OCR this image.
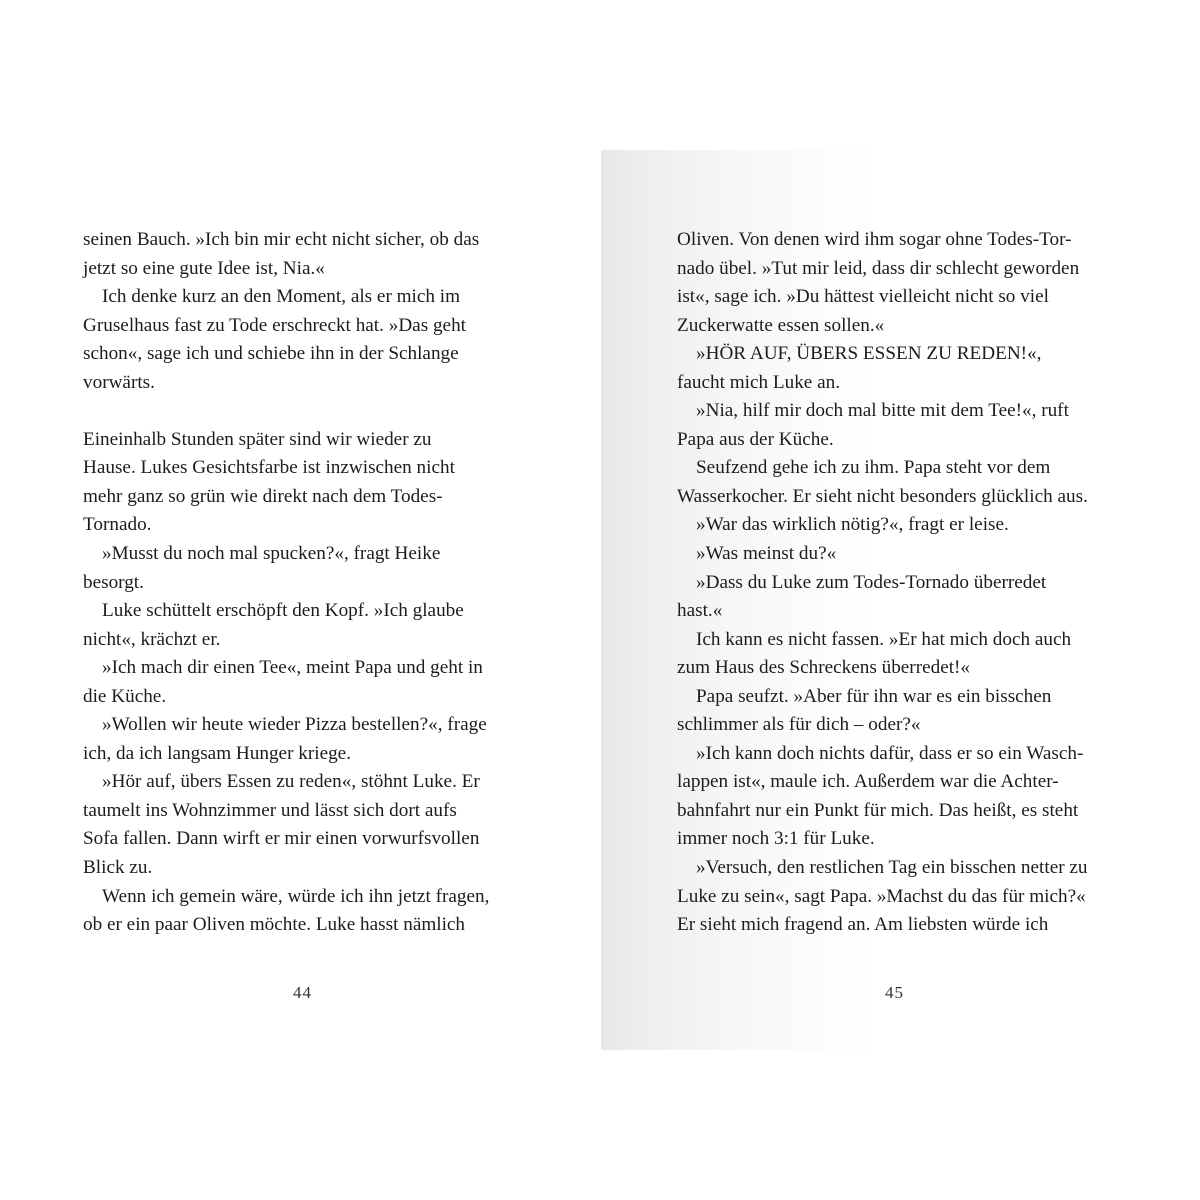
seinen Bauch. »Ich bin mir echt nicht sicher, ob das
jetzt so eine gute Idee ist, Nia.«
Ich denke kurz an den Moment, als er mich im
Gruselhaus fast zu Tode erschreckt hat. »Das geht
schon«, sage ich und schiebe ihn in der Schlange
vorwärts.
Eineinhalb Stunden später sind wir wieder zu
Hause. Lukes Gesichtsfarbe ist inzwischen nicht
mehr ganz so grün wie direkt nach dem Todes-
Tornado.
»Musst du noch mal spucken?«, fragt Heike
besorgt.
Luke schüttelt erschöpft den Kopf. »Ich glaube
nicht«, krächzt er.
»Ich mach dir einen Tee«, meint Papa und geht in
die Küche.
»Wollen wir heute wieder Pizza bestellen?«, frage
ich, da ich langsam Hunger kriege.
»Hör auf, übers Essen zu reden«, stöhnt Luke. Er
taumelt ins Wohnzimmer und lässt sich dort aufs
Sofa fallen. Dann wirft er mir einen vorwurfsvollen
Blick zu.
Wenn ich gemein wäre, würde ich ihn jetzt fragen,
ob er ein paar Oliven möchte. Luke hasst nämlich
Oliven. Von denen wird ihm sogar ohne Todes-Tor-
nado übel. »Tut mir leid, dass dir schlecht geworden
ist«, sage ich. »Du hättest vielleicht nicht so viel
Zuckerwatte essen sollen.«
»HÖR AUF, ÜBERS ESSEN ZU REDEN!«,
faucht mich Luke an.
»Nia, hilf mir doch mal bitte mit dem Tee!«, ruft
Papa aus der Küche.
Seufzend gehe ich zu ihm. Papa steht vor dem
Wasserkocher. Er sieht nicht besonders glücklich aus.
»War das wirklich nötig?«, fragt er leise.
»Was meinst du?«
»Dass du Luke zum Todes-Tornado überredet
hast.«
Ich kann es nicht fassen. »Er hat mich doch auch
zum Haus des Schreckens überredet!«
Papa seufzt. »Aber für ihn war es ein bisschen
schlimmer als für dich – oder?«
»Ich kann doch nichts dafür, dass er so ein Wasch-
lappen ist«, maule ich. Außerdem war die Achter-
bahnfahrt nur ein Punkt für mich. Das heißt, es steht
immer noch 3:1 für Luke.
»Versuch, den restlichen Tag ein bisschen netter zu
Luke zu sein«, sagt Papa. »Machst du das für mich?«
Er sieht mich fragend an. Am liebsten würde ich
44	45
